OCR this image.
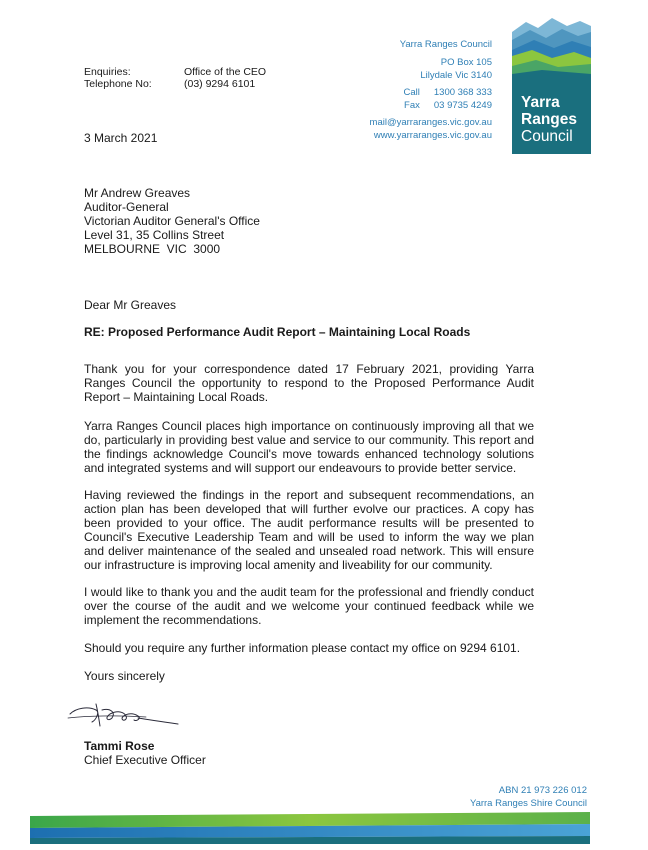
Yarra Ranges Council
PO Box 105
Lilydale Vic 3140
Call 1300 368 333
Fax 03 9735 4249
mail@yarraranges.vic.gov.au
www.yarraranges.vic.gov.au
Yarra
Ranges
Council
Enquiries:	Office of the CEO
Telephone No:	(03) 9294 6101
3 March 2021
Mr Andrew Greaves
Auditor-General
Victorian Auditor General's Office
Level 31, 35 Collins Street
MELBOURNE  VIC  3000
Dear Mr Greaves
RE: Proposed Performance Audit Report – Maintaining Local Roads

Thank you for your correspondence dated 17 February 2021, providing Yarra Ranges Council the opportunity to respond to the Proposed Performance Audit Report – Maintaining Local Roads.

Yarra Ranges Council places high importance on continuously improving all that we do, particularly in providing best value and service to our community. This report and the findings acknowledge Council's move towards enhanced technology solutions and integrated systems and will support our endeavours to provide better service.

Having reviewed the findings in the report and subsequent recommendations, an action plan has been developed that will further evolve our practices. A copy has been provided to your office. The audit performance results will be presented to Council's Executive Leadership Team and will be used to inform the way we plan and deliver maintenance of the sealed and unsealed road network. This will ensure our infrastructure is improving local amenity and liveability for our community.

I would like to thank you and the audit team for the professional and friendly conduct over the course of the audit and we welcome your continued feedback while we implement the recommendations.

Should you require any further information please contact my office on 9294 6101.

Yours sincerely
Tammi Rose
Chief Executive Officer
ABN 21 973 226 012
Yarra Ranges Shire Council
